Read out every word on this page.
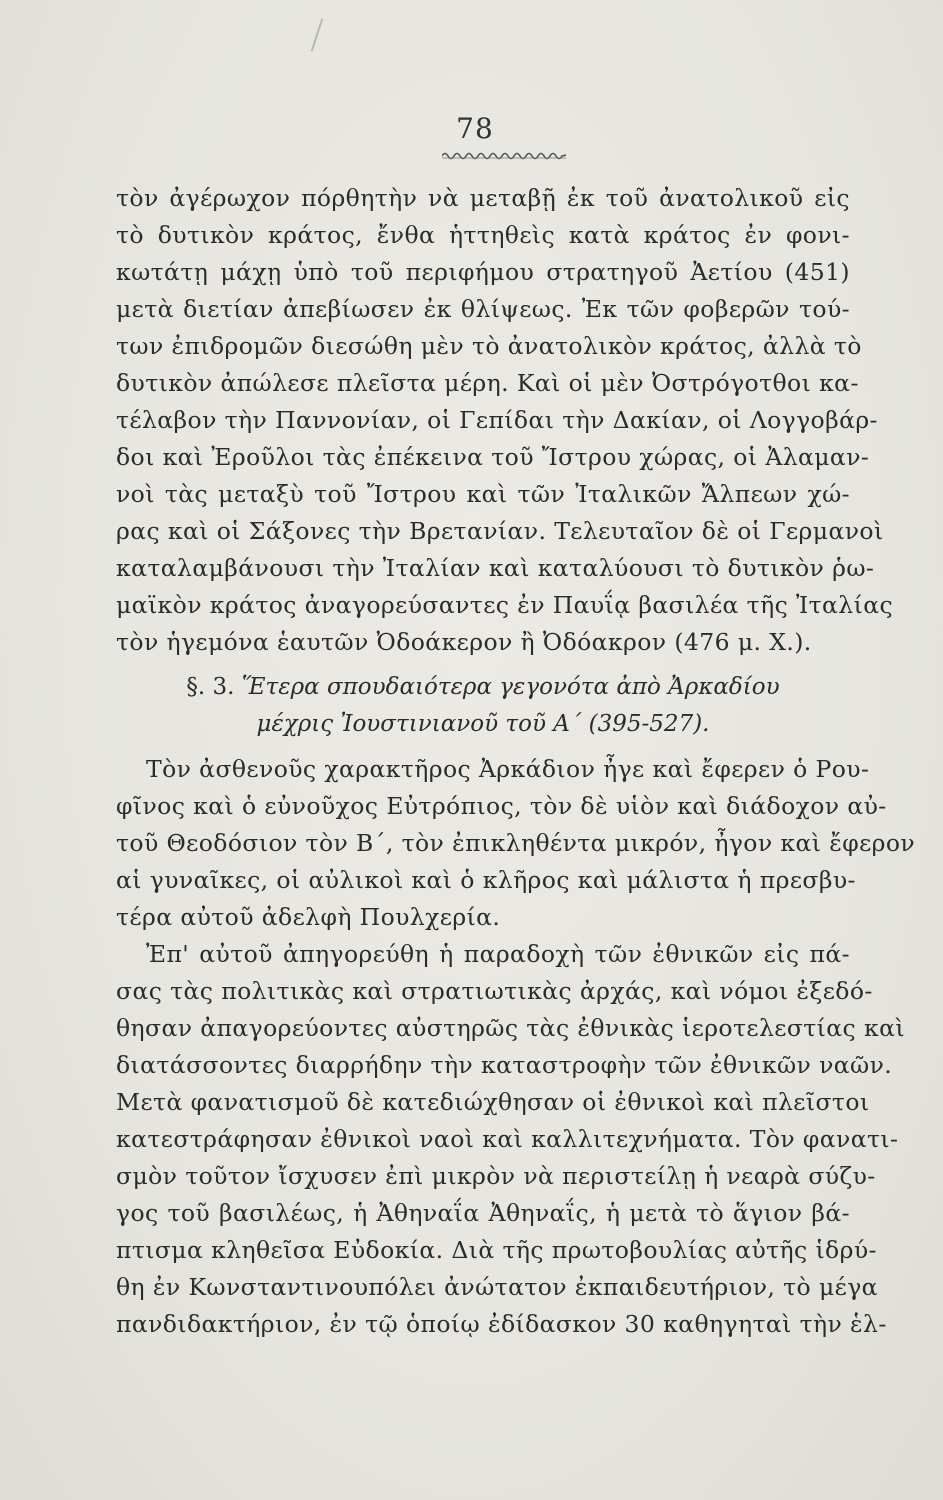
78
τὸν ἀγέρωχον πόρθητὴν νὰ μεταβῇ ἐκ τοῦ ἀνατολικοῦ εἰς
τὸ δυτικὸν κράτος, ἔνθα ἡττηθεὶς κατὰ κράτος ἐν φονι-
κωτάτῃ μάχῃ ὑπὸ τοῦ περιφήμου στρατηγοῦ Ἀετίου (451)
μετὰ διετίαν ἀπεβίωσεν ἐκ θλίψεως. Ἐκ τῶν φοβερῶν τού-
των ἐπιδρομῶν διεσώθη μὲν τὸ ἀνατολικὸν κράτος, ἀλλὰ τὸ
δυτικὸν ἀπώλεσε πλεῖστα μέρη. Καὶ οἱ μὲν Ὀστρόγοτθοι κα-
τέλαβον τὴν Παννονίαν, οἱ Γεπίδαι τὴν Δακίαν, οἱ Λογγοβάρ-
δοι καὶ Ἐροῦλοι τὰς ἐπέκεινα τοῦ Ἴστρου χώρας, οἱ Ἀλαμαν-
νοὶ τὰς μεταξὺ τοῦ Ἴστρου καὶ τῶν Ἰταλικῶν Ἄλπεων χώ-
ρας καὶ οἱ Σάξονες τὴν Βρετανίαν. Τελευταῖον δὲ οἱ Γερμανοὶ
καταλαμβάνουσι τὴν Ἰταλίαν καὶ καταλύουσι τὸ δυτικὸν ῥω-
μαϊκὸν κράτος ἀναγορεύσαντες ἐν Παυΐᾳ βασιλέα τῆς Ἰταλίας
τὸν ἡγεμόνα ἑαυτῶν Ὀδοάκερον ἢ Ὀδόακρον (476 μ. Χ.).
§. 3. Ἕτερα σπουδαιότερα γεγονότα ἀπὸ Ἀρκαδίου
μέχρις Ἰουστινιανοῦ τοῦ Α΄ (395-527).
Τὸν ἀσθενοῦς χαρακτῆρος Ἀρκάδιον ἦγε καὶ ἔφερεν ὁ Ρου-
φῖνος καὶ ὁ εὐνοῦχος Εὐτρόπιος, τὸν δὲ υἱὸν καὶ διάδοχον αὐ-
τοῦ Θεοδόσιον τὸν Β΄, τὸν ἐπικληθέντα μικρόν, ἦγον καὶ ἔφερον
αἱ γυναῖκες, οἱ αὐλικοὶ καὶ ὁ κλῆρος καὶ μάλιστα ἡ πρεσβυ-
τέρα αὐτοῦ ἀδελφὴ Πουλχερία.
Ἐπ' αὐτοῦ ἀπηγορεύθη ἡ παραδοχὴ τῶν ἐθνικῶν εἰς πά-
σας τὰς πολιτικὰς καὶ στρατιωτικὰς ἀρχάς, καὶ νόμοι ἐξεδό-
θησαν ἀπαγορεύοντες αὐστηρῶς τὰς ἐθνικὰς ἱεροτελεστίας καὶ
διατάσσοντες διαρρήδην τὴν καταστροφὴν τῶν ἐθνικῶν ναῶν.
Μετὰ φανατισμοῦ δὲ κατεδιώχθησαν οἱ ἐθνικοὶ καὶ πλεῖστοι
κατεστράφησαν ἐθνικοὶ ναοὶ καὶ καλλιτεχνήματα. Τὸν φανατι-
σμὸν τοῦτον ἴσχυσεν ἐπὶ μικρὸν νὰ περιστείλῃ ἡ νεαρὰ σύζυ-
γος τοῦ βασιλέως, ἡ Ἀθηναΐα Ἀθηναΐς, ἡ μετὰ τὸ ἅγιον βά-
πτισμα κληθεῖσα Εὐδοκία. Διὰ τῆς πρωτοβουλίας αὐτῆς ἱδρύ-
θη ἐν Κωνσταντινουπόλει ἀνώτατον ἐκπαιδευτήριον, τὸ μέγα
πανδιδακτήριον, ἐν τῷ ὁποίῳ ἐδίδασκον 30 καθηγηταὶ τὴν ἑλ-
